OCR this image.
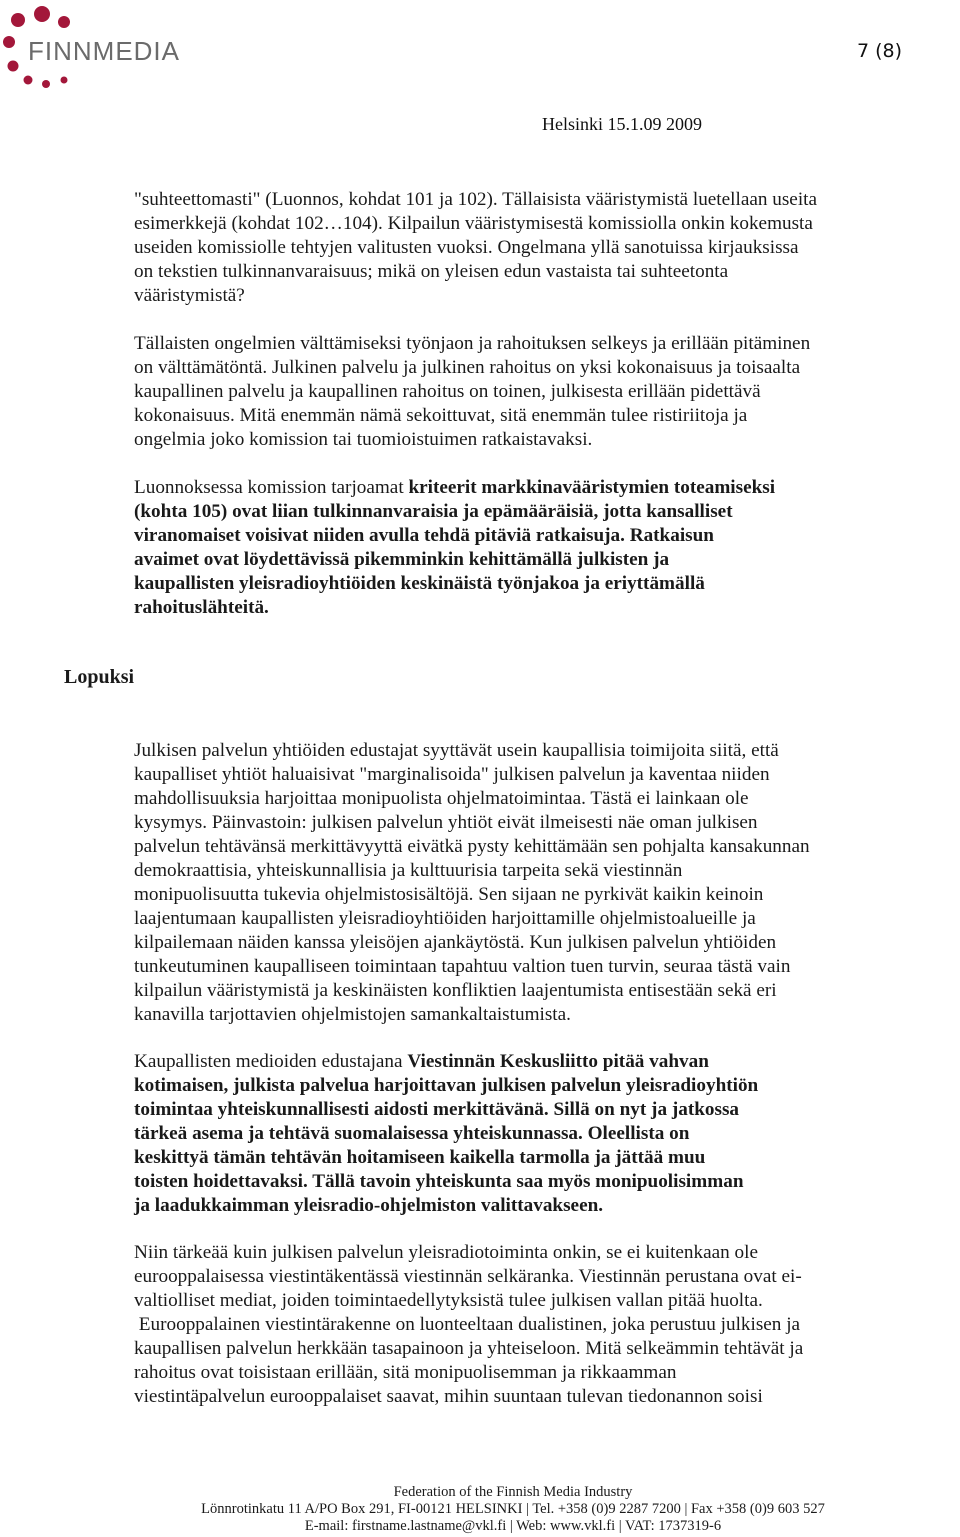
FINNMEDIA	7 (8)
Helsinki 15.1.09 2009
"suhteettomasti" (Luonnos, kohdat 101 ja 102). Tällaisista vääristymistä luetellaan useita
esimerkkejä (kohdat 102…104). Kilpailun vääristymisestä komissiolla onkin kokemusta
useiden komissiolle tehtyjen valitusten vuoksi. Ongelmana yllä sanotuissa kirjauksissa
on tekstien tulkinnanvaraisuus; mikä on yleisen edun vastaista tai suhteetonta
vääristymistä?
Tällaisten ongelmien välttämiseksi työnjaon ja rahoituksen selkeys ja erillään pitäminen
on välttämätöntä. Julkinen palvelu ja julkinen rahoitus on yksi kokonaisuus ja toisaalta
kaupallinen palvelu ja kaupallinen rahoitus on toinen, julkisesta erillään pidettävä
kokonaisuus. Mitä enemmän nämä sekoittuvat, sitä enemmän tulee ristiriitoja ja
ongelmia joko komission tai tuomioistuimen ratkaistavaksi.
Luonnoksessa komission tarjoamat kriteerit markkinavääristymien toteamiseksi
(kohta 105) ovat liian tulkinnanvaraisia ja epämääräisiä, jotta kansalliset
viranomaiset voisivat niiden avulla tehdä pitäviä ratkaisuja. Ratkaisun
avaimet ovat löydettävissä pikemminkin kehittämällä julkisten ja
kaupallisten yleisradioyhtiöiden keskinäistä työnjakoa ja eriyttämällä
rahoituslähteitä.
Lopuksi
Julkisen palvelun yhtiöiden edustajat syyttävät usein kaupallisia toimijoita siitä, että
kaupalliset yhtiöt haluaisivat "marginalisoida" julkisen palvelun ja kaventaa niiden
mahdollisuuksia harjoittaa monipuolista ohjelmatoimintaa. Tästä ei lainkaan ole
kysymys. Päinvastoin: julkisen palvelun yhtiöt eivät ilmeisesti näe oman julkisen
palvelun tehtävänsä merkittävyyttä eivätkä pysty kehittämään sen pohjalta kansakunnan
demokraattisia, yhteiskunnallisia ja kulttuurisia tarpeita sekä viestinnän
monipuolisuutta tukevia ohjelmistosisältöjä. Sen sijaan ne pyrkivät kaikin keinoin
laajentumaan kaupallisten yleisradioyhtiöiden harjoittamille ohjelmistoalueille ja
kilpailemaan näiden kanssa yleisöjen ajankäytöstä. Kun julkisen palvelun yhtiöiden
tunkeutuminen kaupalliseen toimintaan tapahtuu valtion tuen turvin, seuraa tästä vain
kilpailun vääristymistä ja keskinäisten konfliktien laajentumista entisestään sekä eri
kanavilla tarjottavien ohjelmistojen samankaltaistumista.
Kaupallisten medioiden edustajana Viestinnän Keskusliitto pitää vahvan
kotimaisen, julkista palvelua harjoittavan julkisen palvelun yleisradioyhtiön
toimintaa yhteiskunnallisesti aidosti merkittävänä. Sillä on nyt ja jatkossa
tärkeä asema ja tehtävä suomalaisessa yhteiskunnassa. Oleellista on
keskittyä tämän tehtävän hoitamiseen kaikella tarmolla ja jättää muu
toisten hoidettavaksi. Tällä tavoin yhteiskunta saa myös monipuolisimman
ja laadukkaimman yleisradio-ohjelmiston valittavakseen.
Niin tärkeää kuin julkisen palvelun yleisradiotoiminta onkin, se ei kuitenkaan ole
eurooppalaisessa viestintäkentässä viestinnän selkäranka. Viestinnän perustana ovat ei-
valtiolliset mediat, joiden toimintaedellytyksistä tulee julkisen vallan pitää huolta.
Eurooppalainen viestintärakenne on luonteeltaan dualistinen, joka perustuu julkisen ja
kaupallisen palvelun herkkään tasapainoon ja yhteiseloon. Mitä selkeämmin tehtävät ja
rahoitus ovat toisistaan erillään, sitä monipuolisemman ja rikkaamman
viestintäpalvelun eurooppalaiset saavat, mihin suuntaan tulevan tiedonannon soisi
Federation of the Finnish Media Industry
Lönnrotinkatu 11 A/PO Box 291, FI-00121 HELSINKI | Tel. +358 (0)9 2287 7200 | Fax +358 (0)9 603 527
E-mail: firstname.lastname@vkl.fi | Web: www.vkl.fi | VAT: 1737319-6
